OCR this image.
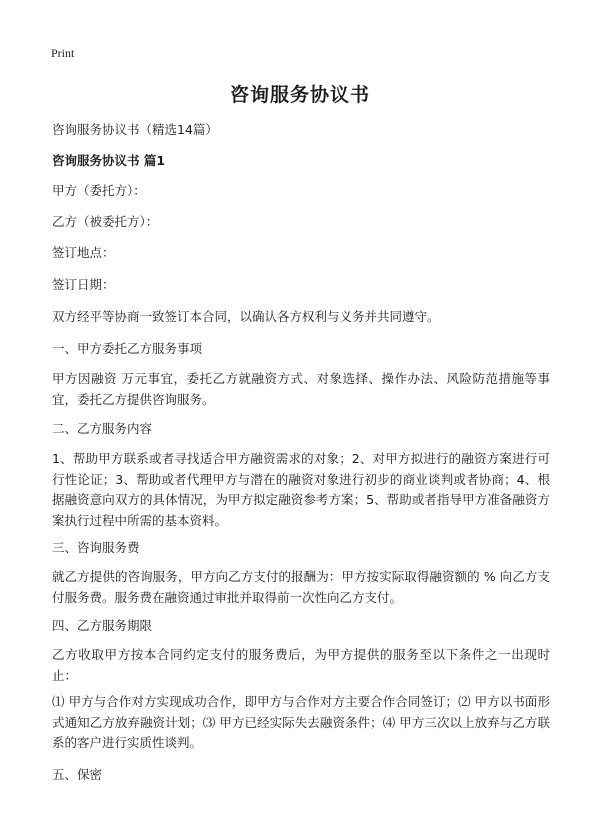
Print
咨询服务协议书
咨询服务协议书（精选14篇）
咨询服务协议书 篇1
甲方（委托方）：
乙方（被委托方）：
签订地点：
签订日期：
双方经平等协商一致签订本合同，以确认各方权利与义务并共同遵守。
一、甲方委托乙方服务事项
甲方因融资 万元事宜，委托乙方就融资方式、对象选择、操作办法、风险防范措施等事宜，委托乙方提供咨询服务。
二、乙方服务内容
1、帮助甲方联系或者寻找适合甲方融资需求的对象；2、对甲方拟进行的融资方案进行可行性论证；3、帮助或者代理甲方与潜在的融资对象进行初步的商业谈判或者协商；4、根据融资意向双方的具体情况，为甲方拟定融资参考方案；5、帮助或者指导甲方准备融资方案执行过程中所需的基本资料。
三、咨询服务费
就乙方提供的咨询服务，甲方向乙方支付的报酬为：甲方按实际取得融资额的 % 向乙方支付服务费。服务费在融资通过审批并取得前一次性向乙方支付。
四、乙方服务期限
乙方收取甲方按本合同约定支付的服务费后，为甲方提供的服务至以下条件之一出现时止：
⑴ 甲方与合作对方实现成功合作，即甲方与合作对方主要合作合同签订；⑵ 甲方以书面形式通知乙方放弃融资计划；⑶ 甲方已经实际失去融资条件；⑷ 甲方三次以上放弃与乙方联系的客户进行实质性谈判。
五、保密
